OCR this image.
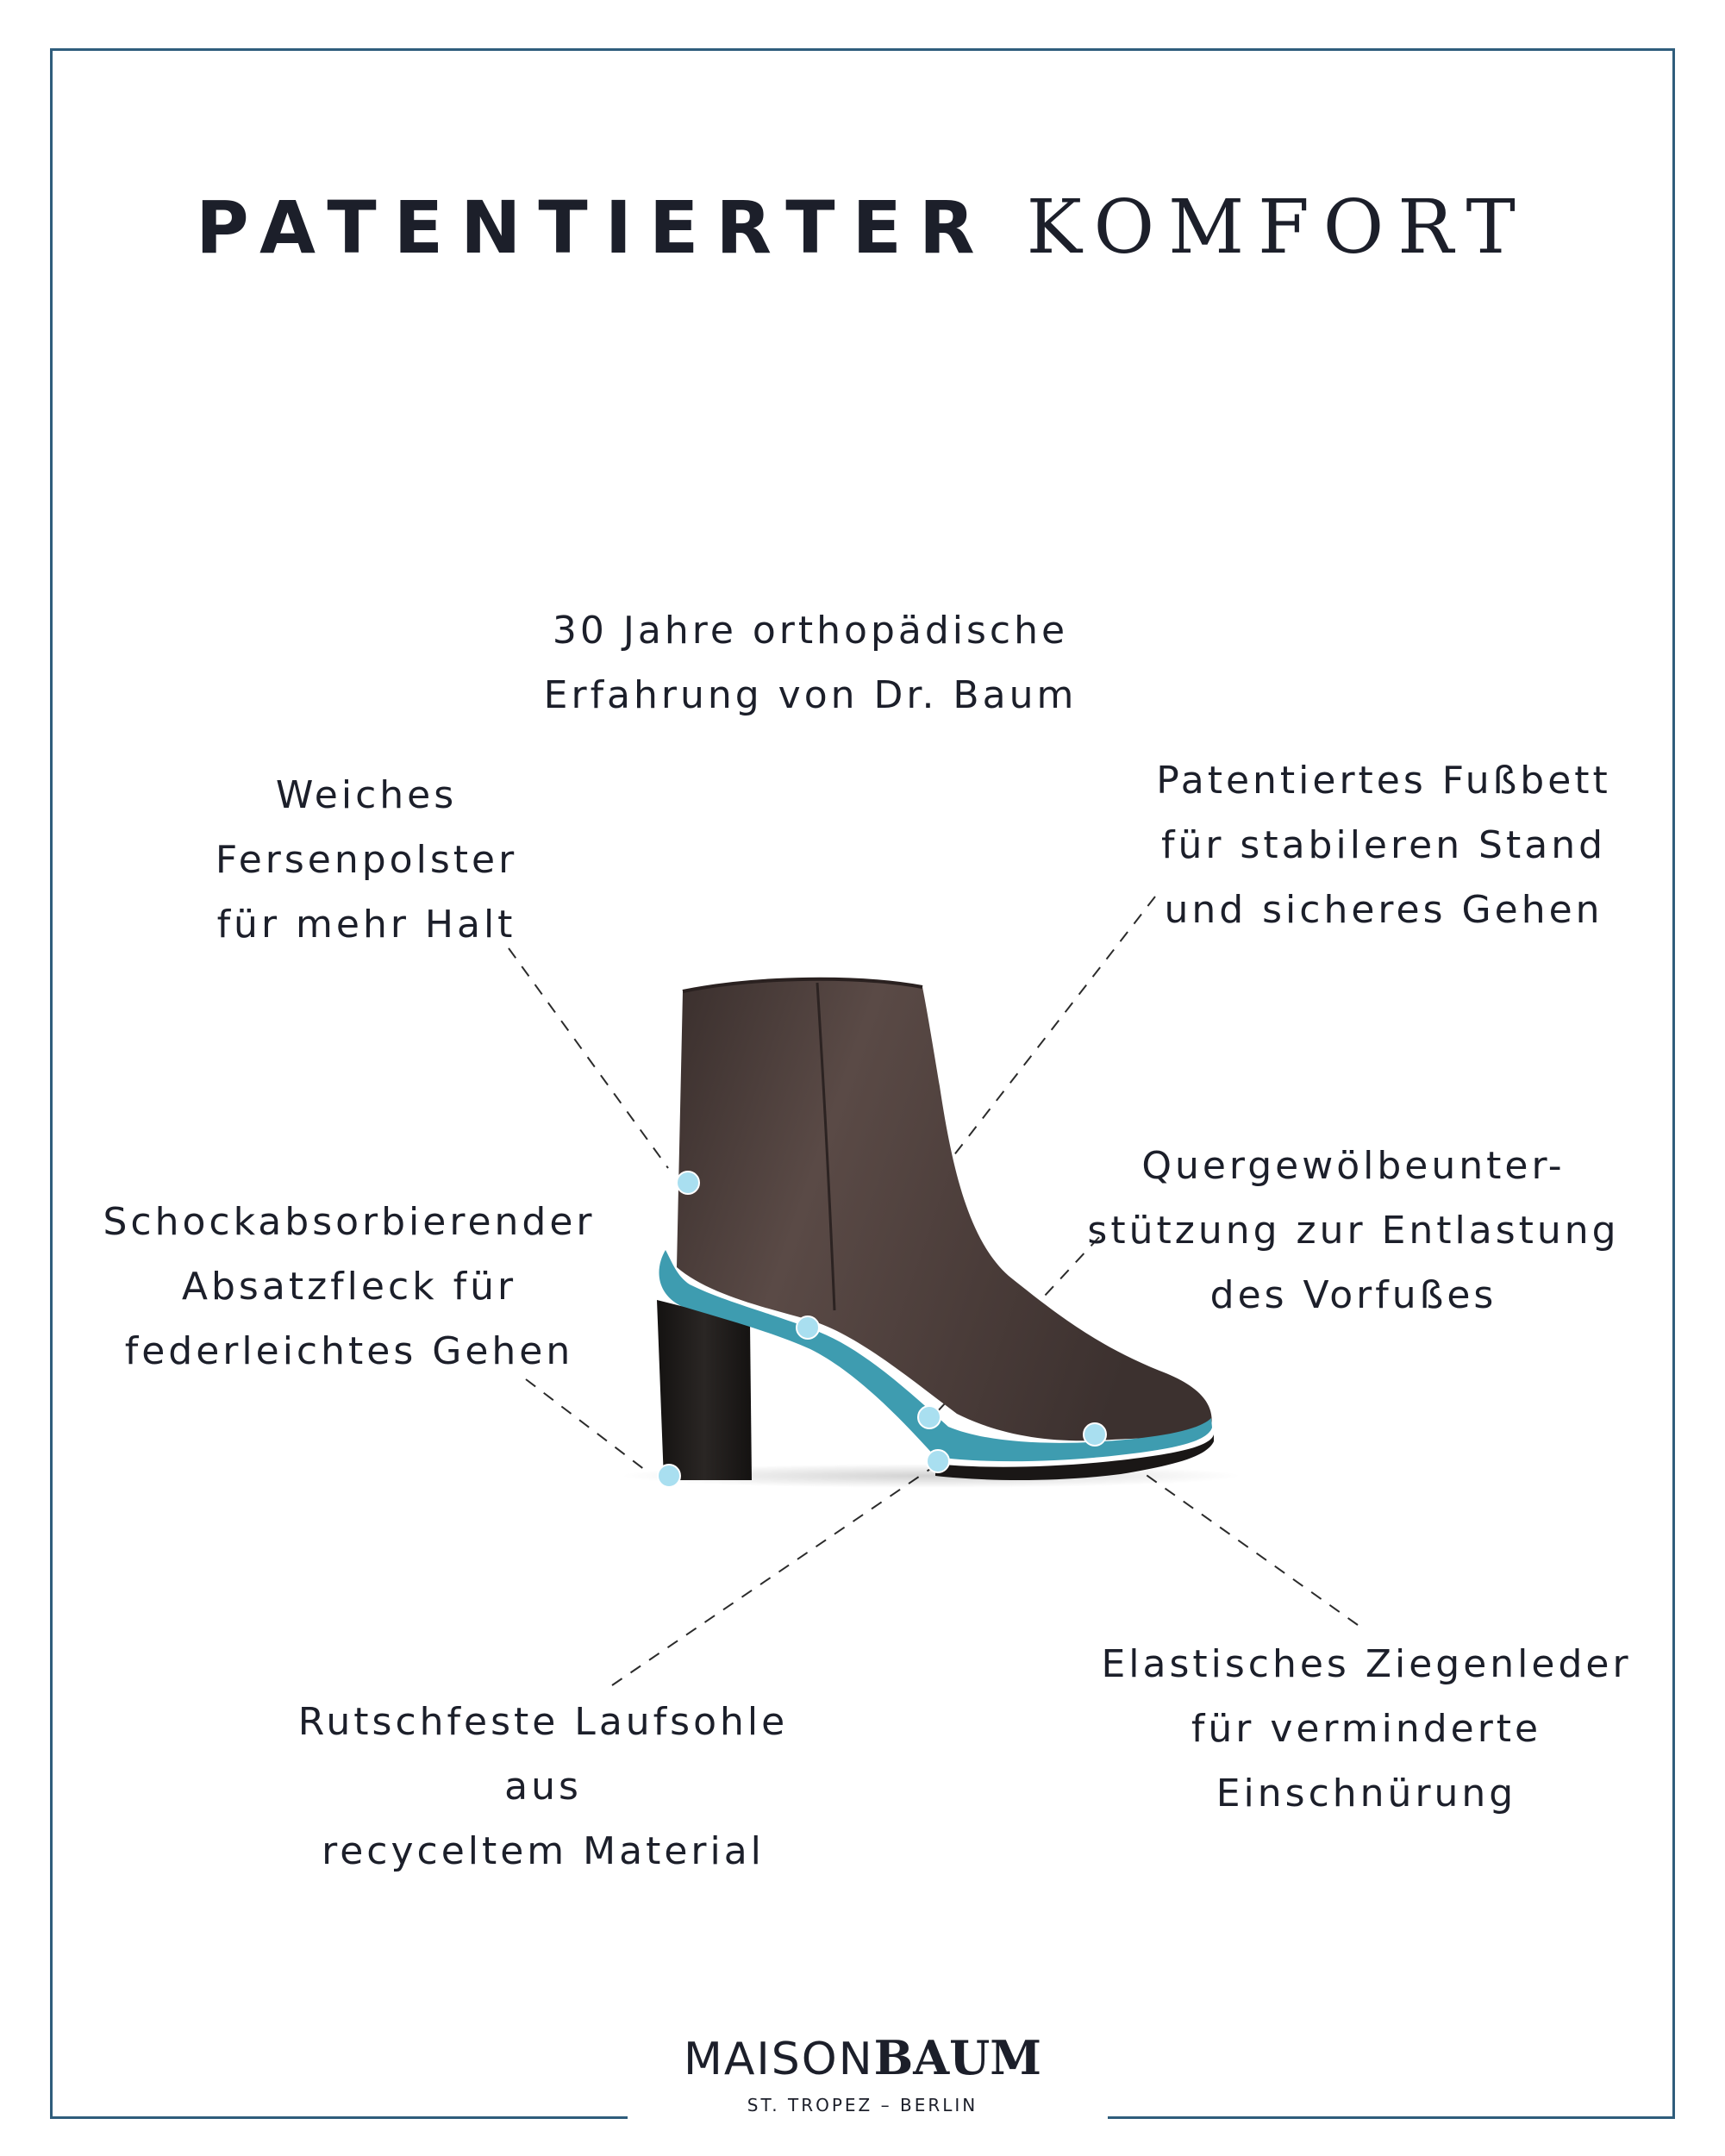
PATENTIERTER KOMFORT
30 Jahre orthopädische
Erfahrung von Dr. Baum
Weiches
Fersenpolster
für mehr Halt
Patentiertes Fußbett
für stabileren Stand
und sicheres Gehen
Schockabsorbierender
Absatzfleck für
federleichtes Gehen
Quergewölbeunter-
stützung zur Entlastung
des Vorfußes
Rutschfeste Laufsohle
aus
recyceltem Material
Elastisches Ziegenleder
für verminderte
Einschnürung
MAISONBAUM
ST. TROPEZ – BERLIN
